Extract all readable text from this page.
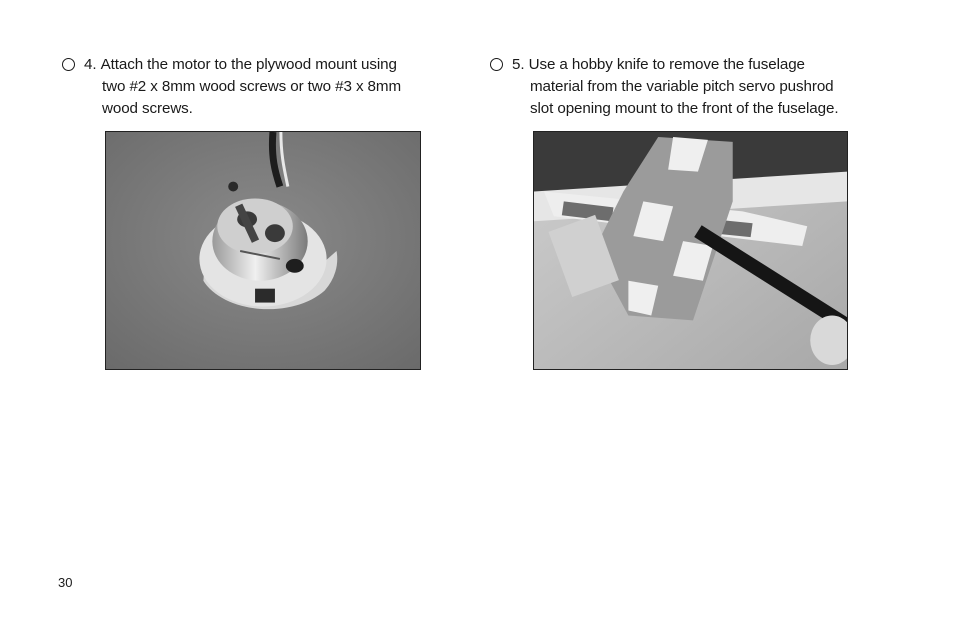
4.
Attach the motor to the plywood mount using
two #2 x 8mm wood screws or two #3 x 8mm
wood screws.
5.
Use a hobby knife to remove the fuselage
material from the variable pitch servo pushrod
slot opening mount to the front of the fuselage.
30
